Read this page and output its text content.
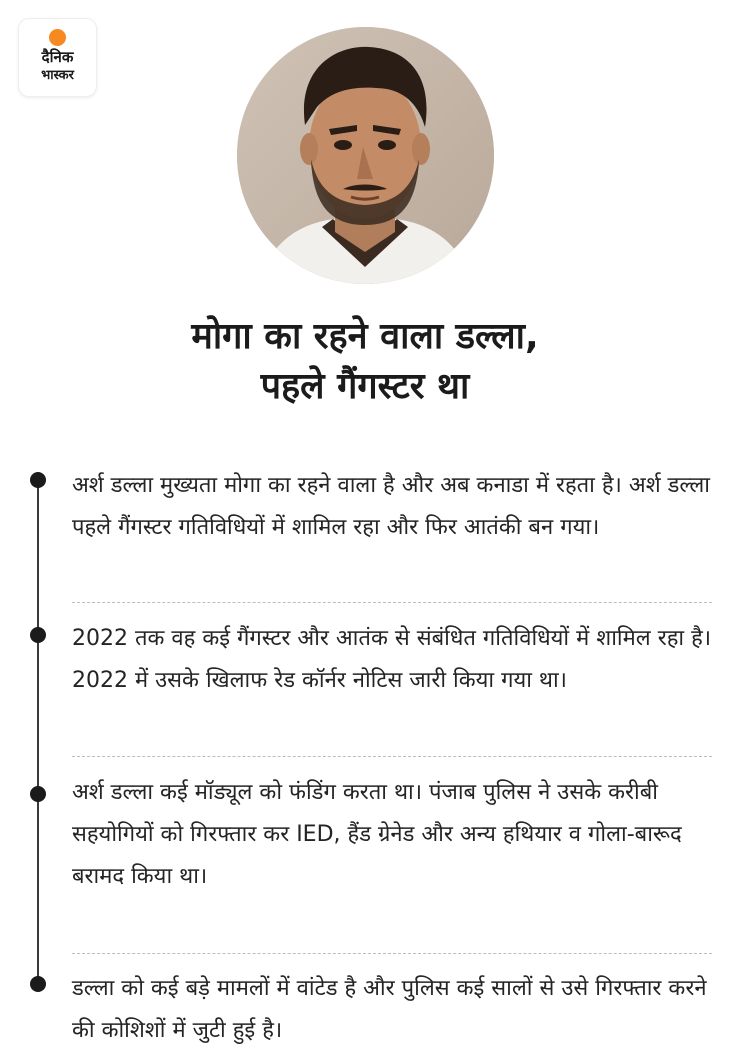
दैनिक
भास्कर
मोगा का रहने वाला डल्ला,
पहले गैंगस्टर था
अर्श डल्ला मुख्यता मोगा का रहने वाला है और अब कनाडा में रहता है। अर्श डल्ला पहले गैंगस्टर गतिविधियों में शामिल रहा और फिर आतंकी बन गया।
2022 तक वह कई गैंगस्टर और आतंक से संबंधित गतिविधियों में शामिल रहा है। 2022 में उसके खिलाफ रेड कॉर्नर नोटिस जारी किया गया था।
अर्श डल्ला कई मॉड्यूल को फंडिंग करता था। पंजाब पुलिस ने उसके करीबी सहयोगियों को गिरफ्तार कर IED, हैंड ग्रेनेड और अन्य हथियार व गोला-बारूद बरामद किया था।
डल्ला को कई बड़े मामलों में वांटेड है और पुलिस कई सालों से उसे गिरफ्तार करने की कोशिशों में जुटी हुई है।
